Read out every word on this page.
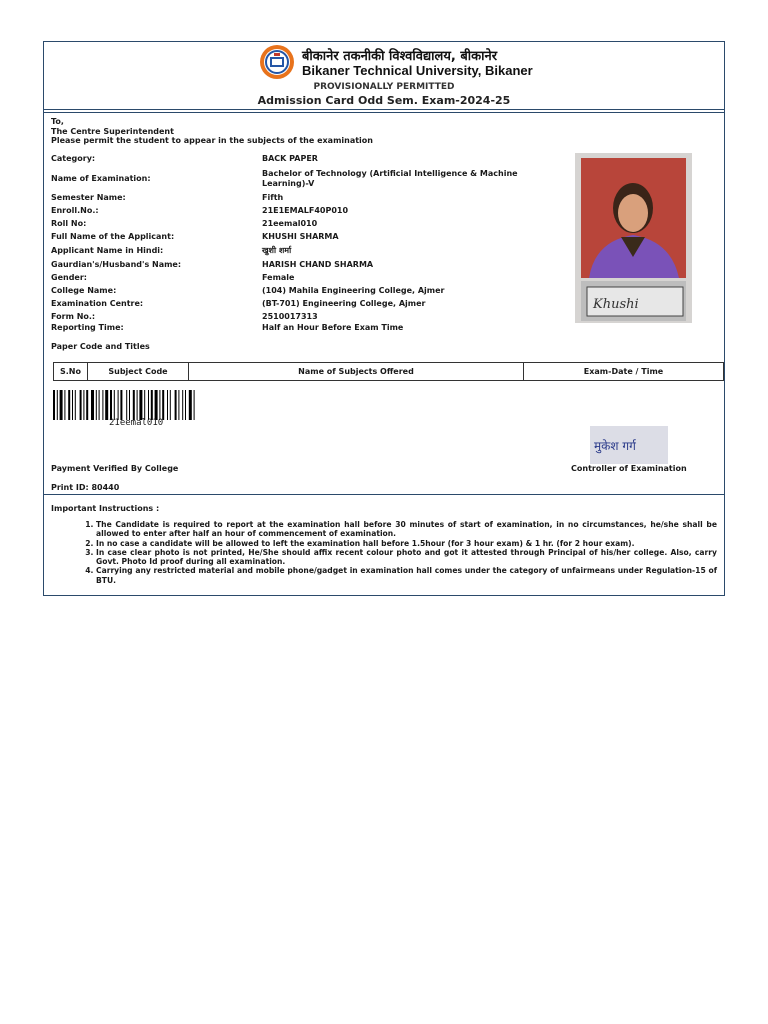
बीकानेर तकनीकी विश्वविद्यालय, बीकानेर
Bikaner Technical University, Bikaner
PROVISIONALLY PERMITTED
Admission Card Odd Sem. Exam-2024-25
To,
The Centre Superintendent
Please permit the student to appear in the subjects of the examination
Category:	BACK PAPER
Name of Examination:
Bachelor of Technology (Artificial Intelligence & Machine Learning)-V
Semester Name:	Fifth
Enroll.No.:	21E1EMALF40P010
Roll No:	21eemal010
Full Name of the Applicant:	KHUSHI SHARMA
Applicant Name in Hindi:	खुशी शर्मा
Gaurdian's/Husband's Name:	HARISH CHAND SHARMA
Gender:	Female
College Name:	(104) Mahila Engineering College, Ajmer
Examination Centre:	(BT-701) Engineering College, Ajmer
Form No.:	2510017313
Reporting Time:	Half an Hour Before Exam Time
Khushi
Paper Code and Titles
S.No	Subject Code	Name of Subjects Offered	Exam-Date / Time
21eemal010
मुकेश गर्ग
Payment Verified By College	Controller of Examination
Print ID: 80440
Important Instructions :
1. The Candidate is required to report at the examination hall before 30 minutes of start of examination, in no circumstances, he/she shall be allowed to enter after half an hour of commencement of examination.
2. In no case a candidate will be allowed to left the examination hall before 1.5hour (for 3 hour exam) & 1 hr. (for 2 hour exam).
3. In case clear photo is not printed, He/She should affix recent colour photo and got it attested through Principal of his/her college. Also, carry Govt. Photo Id proof during all examination.
4. Carrying any restricted material and mobile phone/gadget in examination hall comes under the category of unfairmeans under Regulation-15 of BTU.
